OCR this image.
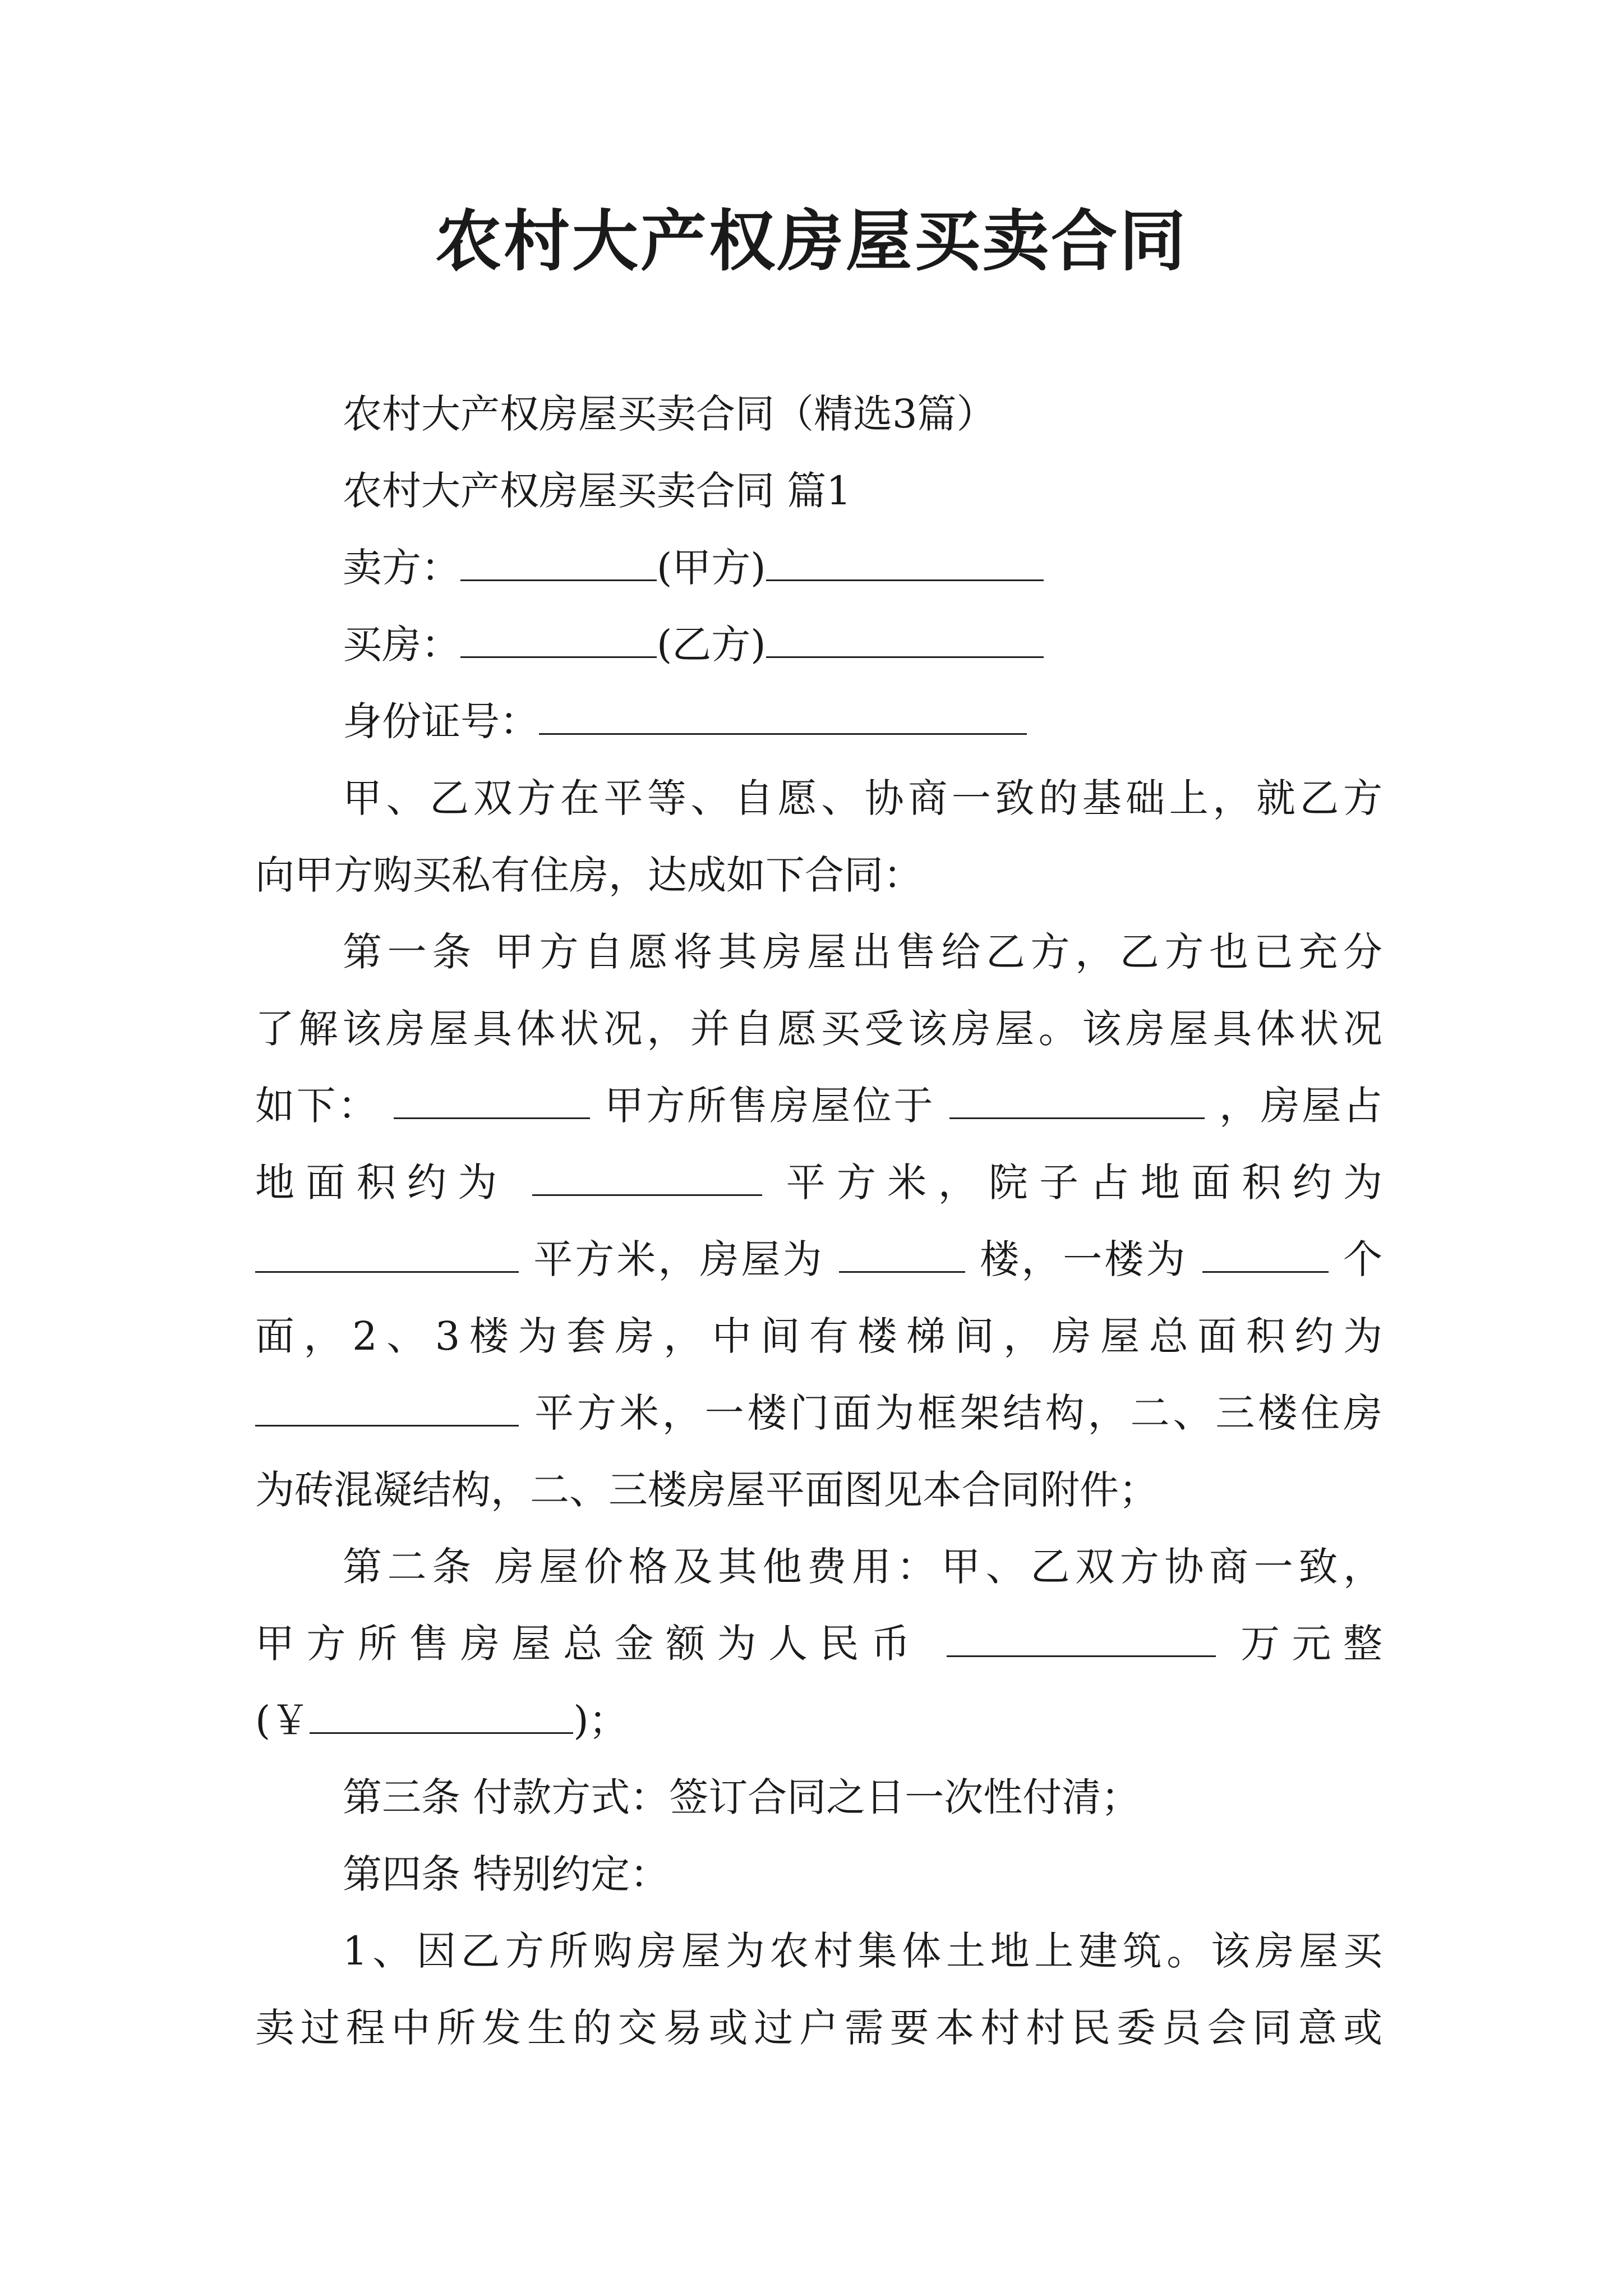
农村大产权房屋买卖合同
农村大产权房屋买卖合同（精选3篇）
农村大产权房屋买卖合同 篇1
卖方：	(甲方)
买房：	(乙方)
身份证号：
甲、乙双方在平等、自愿、协商一致的基础上，就乙方
向甲方购买私有住房，达成如下合同：
第一条 甲方自愿将其房屋出售给乙方，乙方也已充分
了解该房屋具体状况，并自愿买受该房屋。该房屋具体状况
如下：	甲方所售房屋位于	，房屋占
地面积约为	平方米，院子占地面积约为
平方米，房屋为	楼，一楼为	个
面，2、3楼为套房，中间有楼梯间，房屋总面积约为
平方米，一楼门面为框架结构，二、三楼住房
为砖混凝结构，二、三楼房屋平面图见本合同附件；
第二条 房屋价格及其他费用：甲、乙双方协商一致，
甲方所售房屋总金额为人民币	万元整
(￥	)；
第三条 付款方式：签订合同之日一次性付清；
第四条 特别约定：
1、因乙方所购房屋为农村集体土地上建筑。该房屋买
卖过程中所发生的交易或过户需要本村村民委员会同意或
